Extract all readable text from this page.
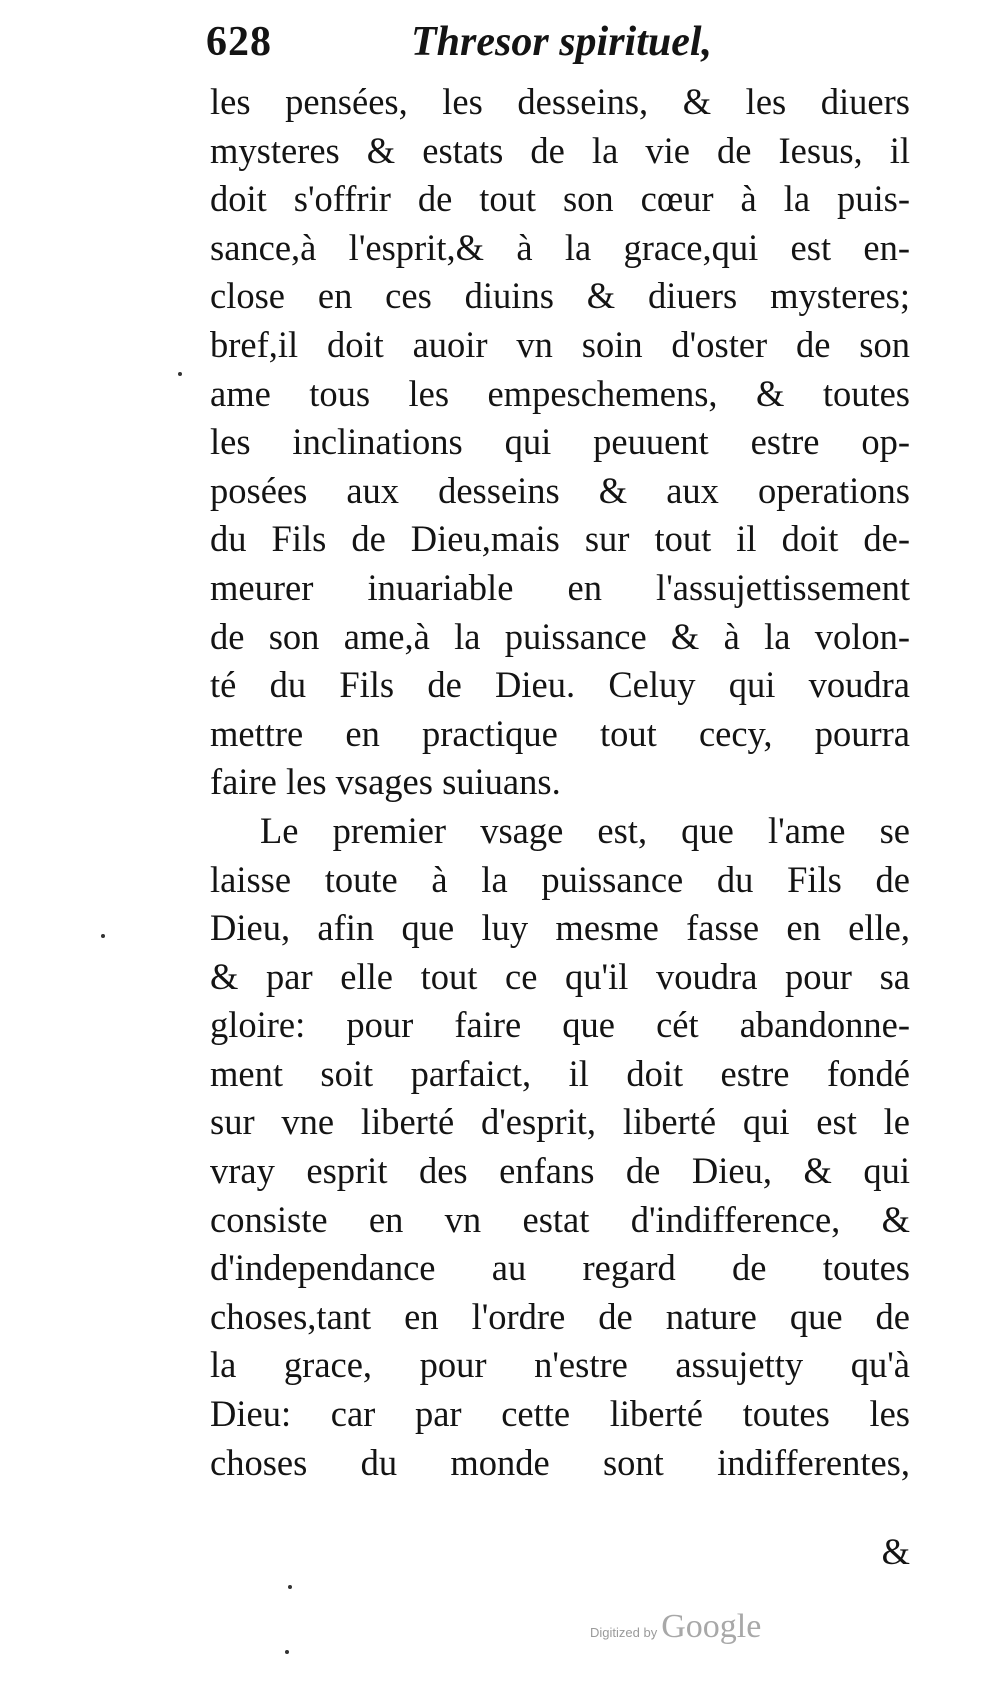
628	Thresor spirituel,
les pensées, les desseins, & les diuers
mysteres & estats de la vie de Iesus, il
doit s'offrir de tout son cœur à la puis-
sance,à l'esprit,& à la grace,qui est en-
close en ces diuins & diuers mysteres;
bref,il doit auoir vn soin d'oster de son
ame tous les empeschemens, & toutes
les inclinations qui peuuent estre op-
posées aux desseins & aux operations
du Fils de Dieu,mais sur tout il doit de-
meurer inuariable en l'assujettissement
de son ame,à la puissance & à la volon-
té du Fils de Dieu. Celuy qui voudra
mettre en practique tout cecy, pourra
faire les vsages suiuans.
Le premier vsage est, que l'ame se
laisse toute à la puissance du Fils de
Dieu, afin que luy mesme fasse en elle,
& par elle tout ce qu'il voudra pour sa
gloire: pour faire que cét abandonne-
ment soit parfaict, il doit estre fondé
sur vne liberté d'esprit, liberté qui est le
vray esprit des enfans de Dieu, & qui
consiste en vn estat d'indifference, &
d'independance au regard de toutes
choses,tant en l'ordre de nature que de
la grace, pour n'estre assujetty qu'à
Dieu: car par cette liberté toutes les
choses du monde sont indifferentes,
&
Digitized by Google
